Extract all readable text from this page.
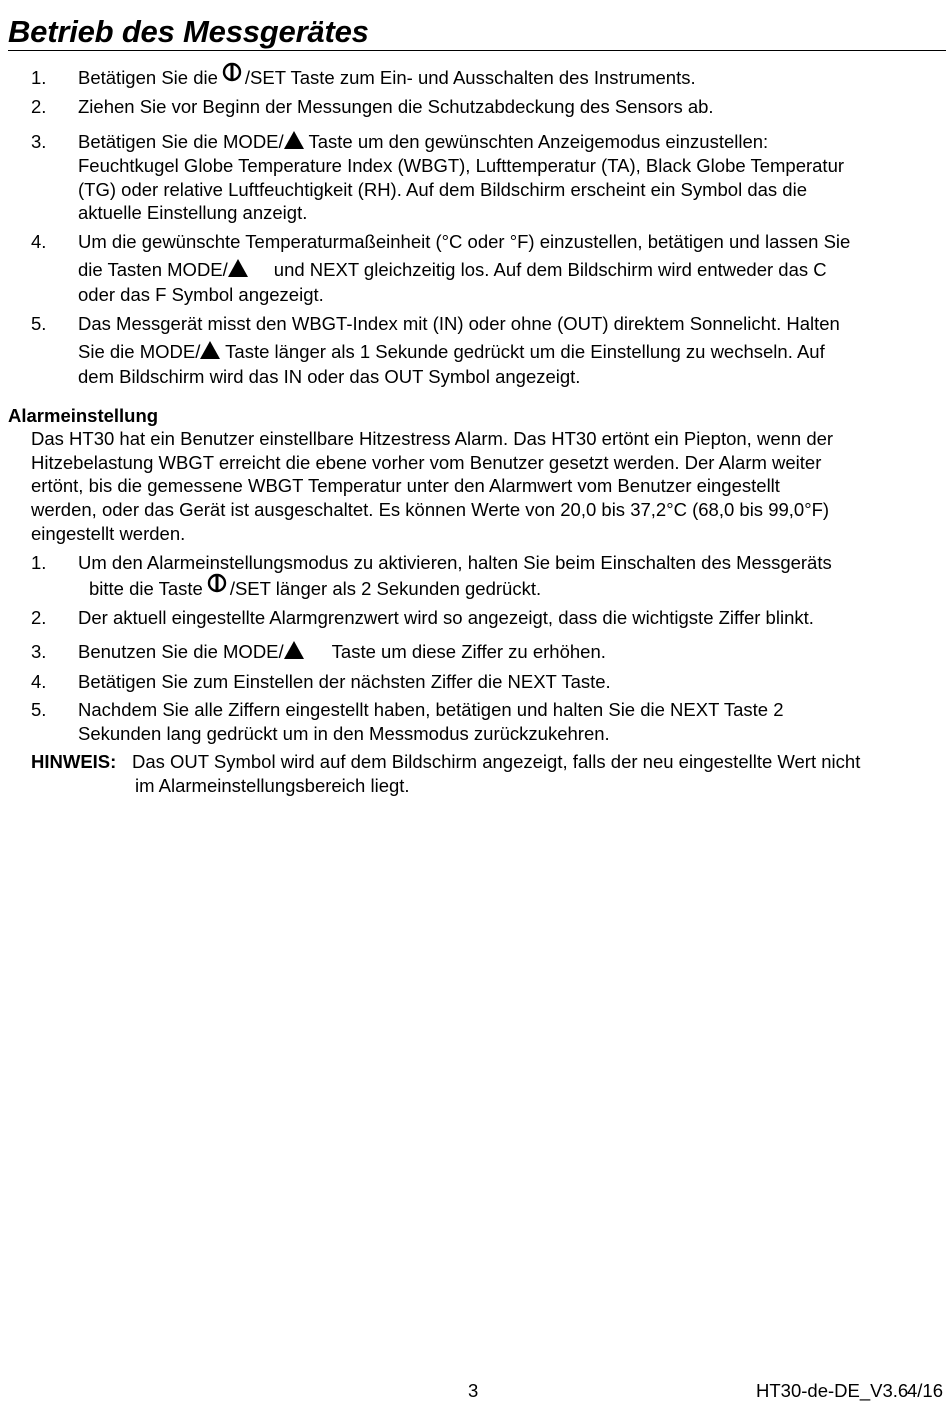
Betrieb des Messgerätes
1. Betätigen Sie die /SET Taste zum Ein- und Ausschalten des Instruments.
2. Ziehen Sie vor Beginn der Messungen die Schutzabdeckung des Sensors ab.
3. Betätigen Sie die MODE/ Taste um den gewünschten Anzeigemodus einzustellen:
Feuchtkugel Globe Temperature Index (WBGT), Lufttemperatur (TA), Black Globe Temperatur
(TG) oder relative Luftfeuchtigkeit (RH). Auf dem Bildschirm erscheint ein Symbol das die
aktuelle Einstellung anzeigt.
4. Um die gewünschte Temperaturmaßeinheit (°C oder °F) einzustellen, betätigen und lassen Sie
die Tasten MODE/ und NEXT gleichzeitig los. Auf dem Bildschirm wird entweder das C
oder das F Symbol angezeigt.
5. Das Messgerät misst den WBGT-Index mit (IN) oder ohne (OUT) direktem Sonnelicht. Halten
Sie die MODE/ Taste länger als 1 Sekunde gedrückt um die Einstellung zu wechseln. Auf
dem Bildschirm wird das IN oder das OUT Symbol angezeigt.
Alarmeinstellung
Das HT30 hat ein Benutzer einstellbare Hitzestress Alarm. Das HT30 ertönt ein Piepton, wenn der
Hitzebelastung WBGT erreicht die ebene vorher vom Benutzer gesetzt werden. Der Alarm weiter
ertönt, bis die gemessene WBGT Temperatur unter den Alarmwert vom Benutzer eingestellt
werden, oder das Gerät ist ausgeschaltet. Es können Werte von 20,0 bis 37,2°C (68,0 bis 99,0°F)
eingestellt werden.
1. Um den Alarmeinstellungsmodus zu aktivieren, halten Sie beim Einschalten des Messgeräts
bitte die Taste /SET länger als 2 Sekunden gedrückt.
2. Der aktuell eingestellte Alarmgrenzwert wird so angezeigt, dass die wichtigste Ziffer blinkt.
3. Benutzen Sie die MODE/	Taste um diese Ziffer zu erhöhen.
4. Betätigen Sie zum Einstellen der nächsten Ziffer die NEXT Taste.
5. Nachdem Sie alle Ziffern eingestellt haben, betätigen und halten Sie die NEXT Taste 2
Sekunden lang gedrückt um in den Messmodus zurückzukehren.
HINWEIS: Das OUT Symbol wird auf dem Bildschirm angezeigt, falls der neu eingestellte Wert nicht
im Alarmeinstellungsbereich liegt.
3	HT30-de-DE_V3.6
4/16
